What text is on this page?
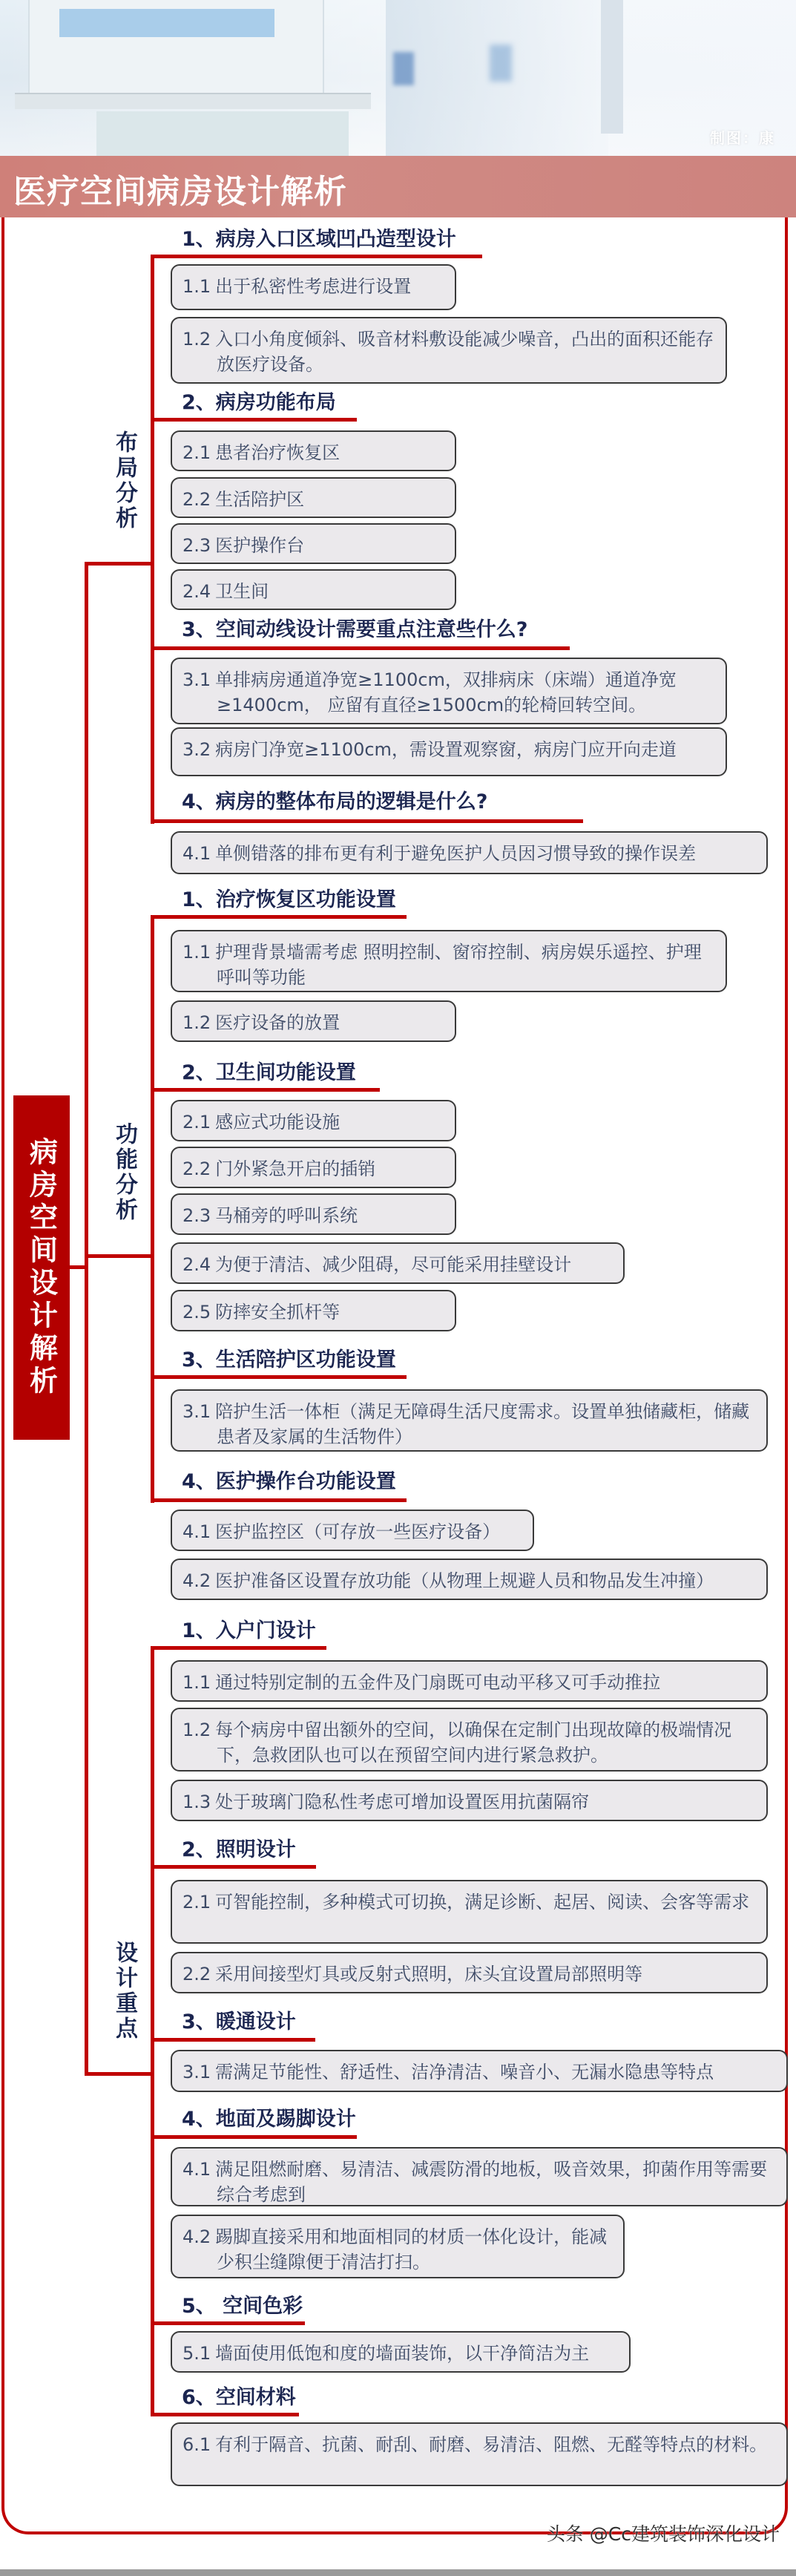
制图：康
医疗空间病房设计解析
病房空间设计解析
布局分析
1、病房入口区域凹凸造型设计
1.1 出于私密性考虑进行设置
1.2 入口小角度倾斜、吸音材料敷设能减少噪音，凸出的面积还能存放医疗设备。
2、病房功能布局
2.1 患者治疗恢复区
2.2 生活陪护区
2.3 医护操作台
2.4 卫生间
3、空间动线设计需要重点注意些什么?
3.1 单排病房通道净宽≥1100cm，双排病床（床端）通道净宽≥1400cm， 应留有直径≥1500cm的轮椅回转空间。
3.2 病房门净宽≥1100cm，需设置观察窗，病房门应开向走道
4、病房的整体布局的逻辑是什么?
4.1 单侧错落的排布更有利于避免医护人员因习惯导致的操作误差
功能分析
1、治疗恢复区功能设置
1.1 护理背景墙需考虑 照明控制、窗帘控制、病房娱乐遥控、护理呼叫等功能
1.2 医疗设备的放置
2、卫生间功能设置
2.1 感应式功能设施
2.2 门外紧急开启的插销
2.3 马桶旁的呼叫系统
2.4 为便于清洁、减少阻碍，尽可能采用挂壁设计
2.5 防摔安全抓杆等
3、生活陪护区功能设置
3.1 陪护生活一体柜（满足无障碍生活尺度需求。设置单独储藏柜，储藏患者及家属的生活物件）
4、医护操作台功能设置
4.1 医护监控区（可存放一些医疗设备）
4.2 医护准备区设置存放功能（从物理上规避人员和物品发生冲撞）
设计重点
1、入户门设计
1.1 通过特别定制的五金件及门扇既可电动平移又可手动推拉
1.2 每个病房中留出额外的空间，以确保在定制门出现故障的极端情况下，急救团队也可以在预留空间内进行紧急救护。
1.3 处于玻璃门隐私性考虑可增加设置医用抗菌隔帘
2、照明设计
2.1 可智能控制，多种模式可切换，满足诊断、起居、阅读、会客等需求
2.2 采用间接型灯具或反射式照明，床头宜设置局部照明等
3、暖通设计
3.1 需满足节能性、舒适性、洁净清洁、噪音小、无漏水隐患等特点
4、地面及踢脚设计
4.1 满足阻燃耐磨、易清洁、减震防滑的地板，吸音效果，抑菌作用等需要综合考虑到
4.2 踢脚直接采用和地面相同的材质一体化设计，能减少积尘缝隙便于清洁打扫。
5、 空间色彩
5.1 墙面使用低饱和度的墙面装饰，以干净简洁为主
6、空间材料
6.1 有利于隔音、抗菌、耐刮、耐磨、易清洁、阻燃、无醛等特点的材料。
头条 @Cc建筑装饰深化设计
